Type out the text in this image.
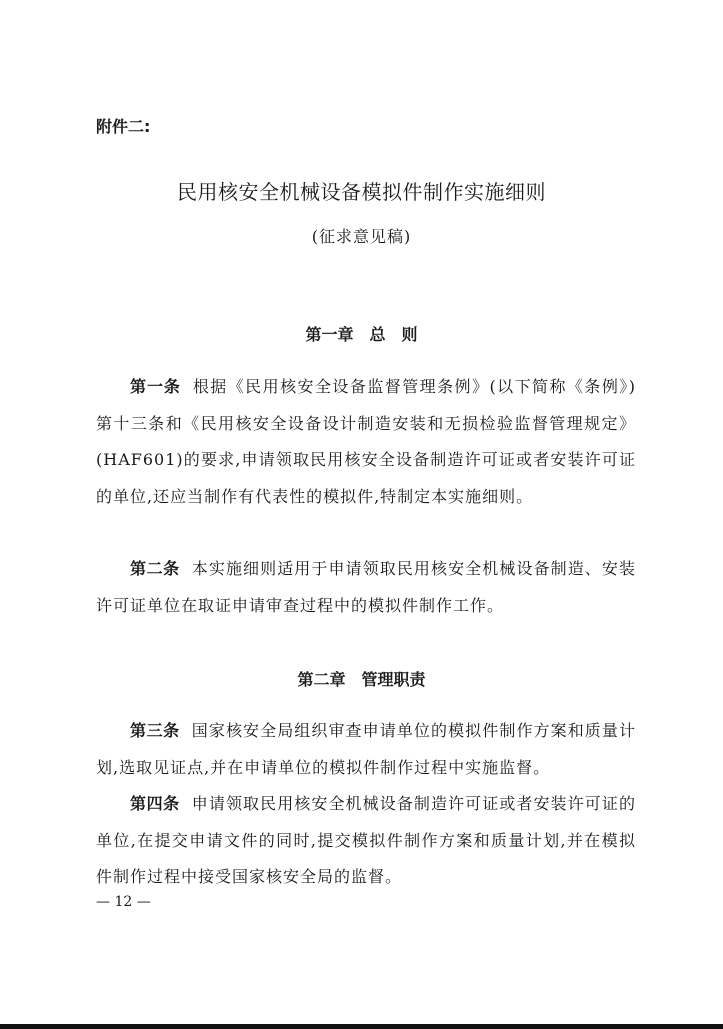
附件二:
民用核安全机械设备模拟件制作实施细则
(征求意见稿)
第一章　总　则
第一条 根据《民用核安全设备监督管理条例》(以下简称《条例》)第十三条和《民用核安全设备设计制造安装和无损检验监督管理规定》(HAF601)的要求,申请领取民用核安全设备制造许可证或者安装许可证的单位,还应当制作有代表性的模拟件,特制定本实施细则。
第二条 本实施细则适用于申请领取民用核安全机械设备制造、安装许可证单位在取证申请审查过程中的模拟件制作工作。
第二章　管理职责
第三条 国家核安全局组织审查申请单位的模拟件制作方案和质量计划,选取见证点,并在申请单位的模拟件制作过程中实施监督。
第四条 申请领取民用核安全机械设备制造许可证或者安装许可证的单位,在提交申请文件的同时,提交模拟件制作方案和质量计划,并在模拟件制作过程中接受国家核安全局的监督。
— 12 —
